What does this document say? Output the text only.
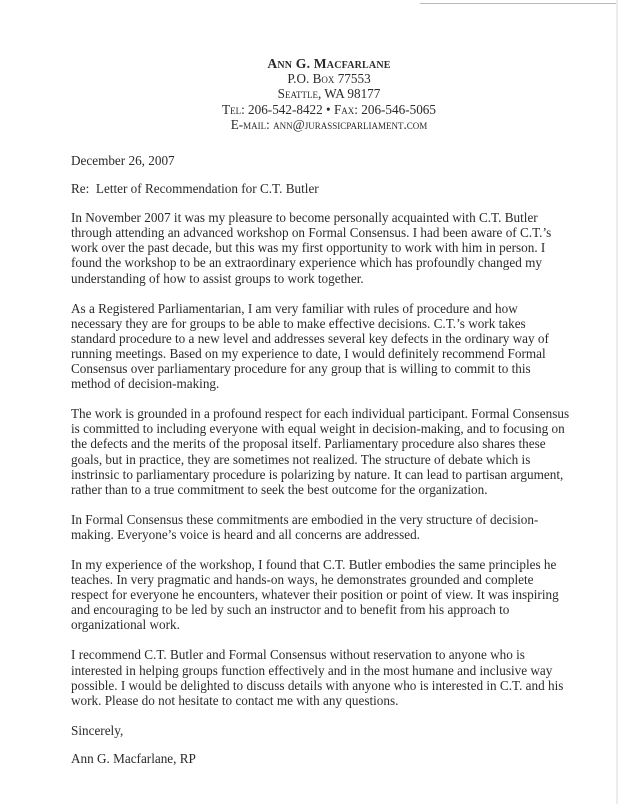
Ann G. Macfarlane
P.O. Box 77553
Seattle, WA 98177
Tel: 206-542-8422 • Fax: 206-546-5065
E-mail: ann@jurassicparliament.com

December 26, 2007

Re:  Letter of Recommendation for C.T. Butler

In November 2007 it was my pleasure to become personally acquainted with C.T. Butler through attending an advanced workshop on Formal Consensus. I had been aware of C.T.’s work over the past decade, but this was my first opportunity to work with him in person. I found the workshop to be an extraordinary experience which has profoundly changed my understanding of how to assist groups to work together.

As a Registered Parliamentarian, I am very familiar with rules of procedure and how necessary they are for groups to be able to make effective decisions. C.T.’s work takes standard procedure to a new level and addresses several key defects in the ordinary way of running meetings. Based on my experience to date, I would definitely recommend Formal Consensus over parliamentary procedure for any group that is willing to commit to this method of decision-making.

The work is grounded in a profound respect for each individual participant. Formal Consensus is committed to including everyone with equal weight in decision-making, and to focusing on the defects and the merits of the proposal itself. Parliamentary procedure also shares these goals, but in practice, they are sometimes not realized. The structure of debate which is instrinsic to parliamentary procedure is polarizing by nature. It can lead to partisan argument, rather than to a true commitment to seek the best outcome for the organization.

In Formal Consensus these commitments are embodied in the very structure of decision-making. Everyone’s voice is heard and all concerns are addressed.

In my experience of the workshop, I found that C.T. Butler embodies the same principles he teaches. In very pragmatic and hands-on ways, he demonstrates grounded and complete respect for everyone he encounters, whatever their position or point of view. It was inspiring and encouraging to be led by such an instructor and to benefit from his approach to organizational work.

I recommend C.T. Butler and Formal Consensus without reservation to anyone who is interested in helping groups function effectively and in the most humane and inclusive way possible. I would be delighted to discuss details with anyone who is interested in C.T. and his work. Please do not hesitate to contact me with any questions.

Sincerely,

Ann G. Macfarlane, RP
